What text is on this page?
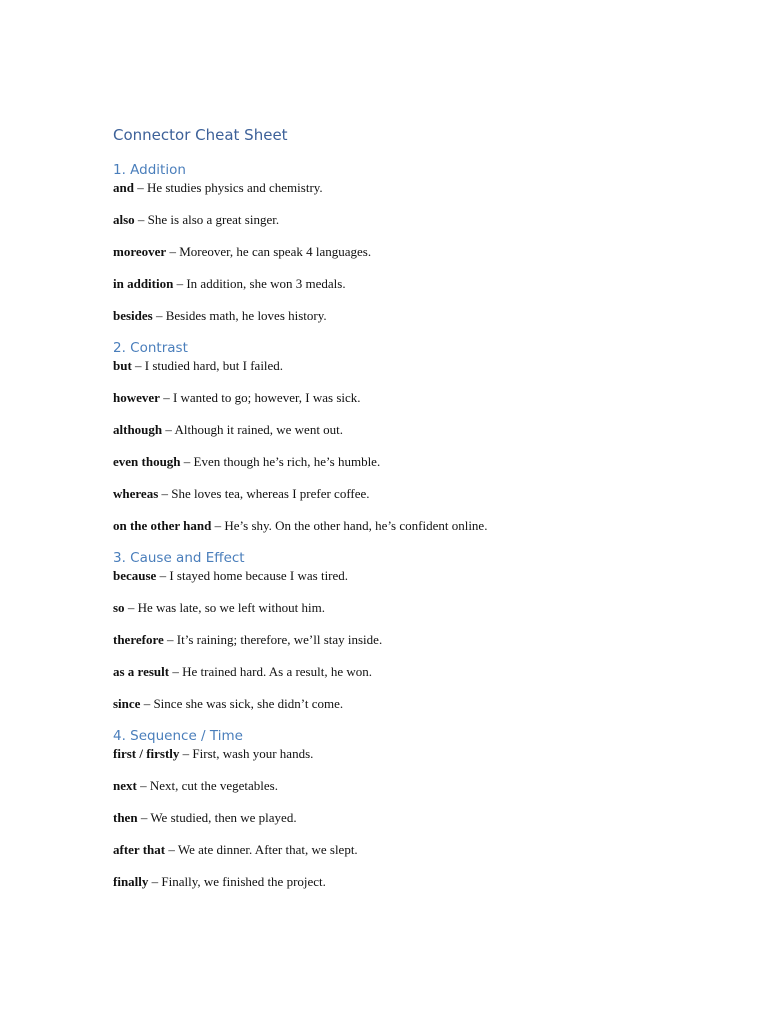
Connector Cheat Sheet
1. Addition

and – He studies physics and chemistry.

also – She is also a great singer.

moreover – Moreover, he can speak 4 languages.

in addition – In addition, she won 3 medals.

besides – Besides math, he loves history.

2. Contrast

but – I studied hard, but I failed.

however – I wanted to go; however, I was sick.

although – Although it rained, we went out.

even though – Even though he’s rich, he’s humble.

whereas – She loves tea, whereas I prefer coffee.

on the other hand – He’s shy. On the other hand, he’s confident online.

3. Cause and Effect

because – I stayed home because I was tired.

so – He was late, so we left without him.

therefore – It’s raining; therefore, we’ll stay inside.

as a result – He trained hard. As a result, he won.

since – Since she was sick, she didn’t come.

4. Sequence / Time

first / firstly – First, wash your hands.

next – Next, cut the vegetables.

then – We studied, then we played.

after that – We ate dinner. After that, we slept.

finally – Finally, we finished the project.
